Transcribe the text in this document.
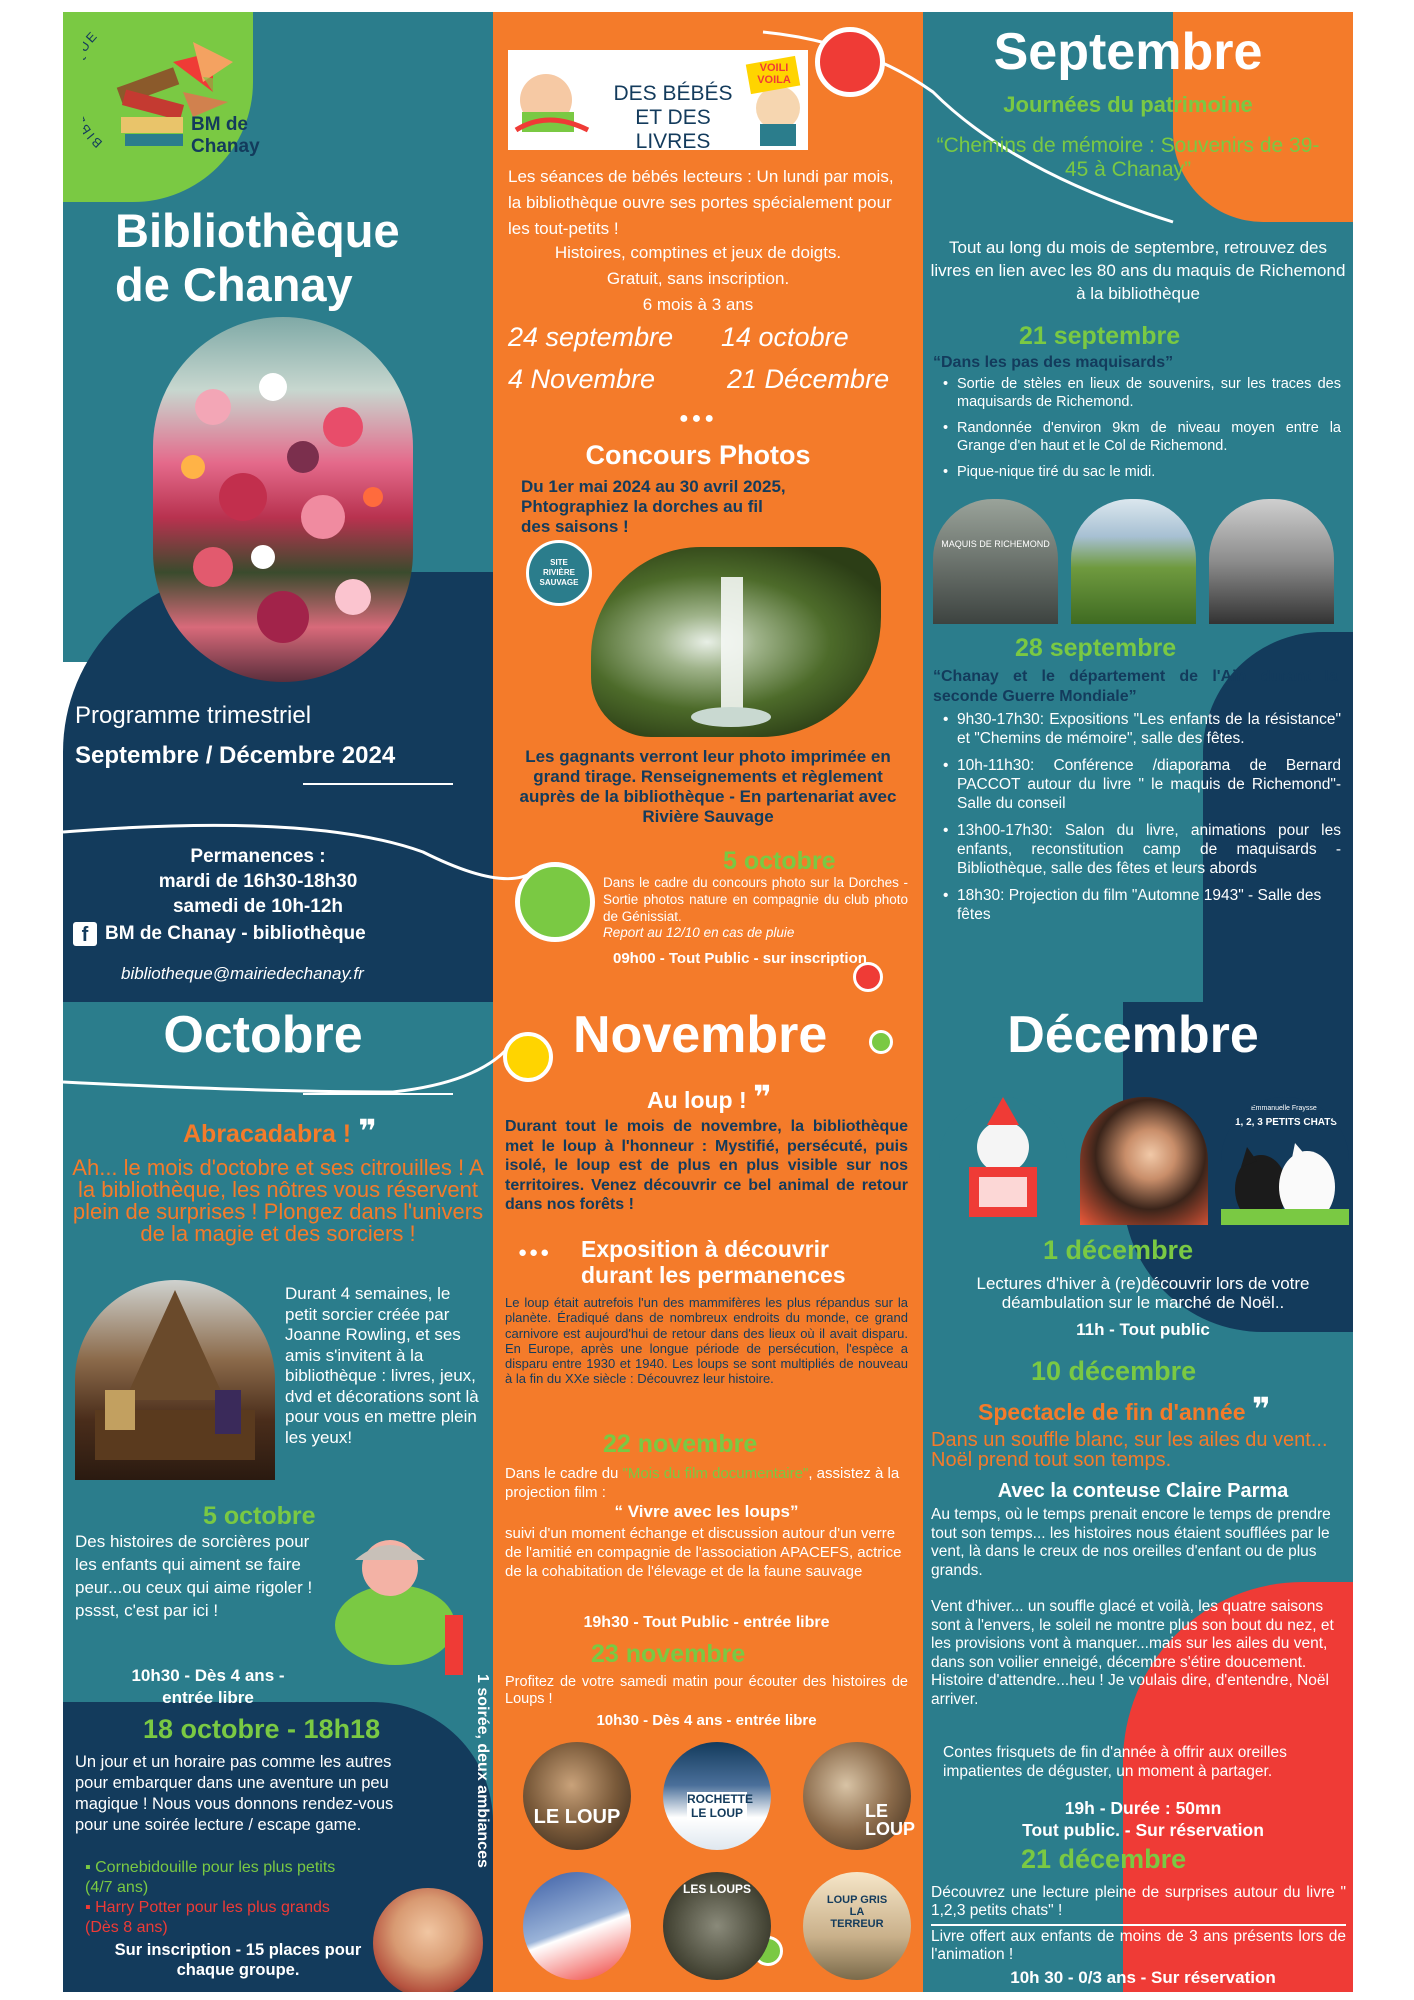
BI E
BM de Chanay
Bibliothèque
de Chanay
Programme trimestriel
Septembre / Décembre 2024
Permanences :
mardi de 16h30-18h30
samedi de 10h-12h
f BM de Chanay - bibliothèque
bibliotheque@mairiedechanay.fr
DES BÉBÉS ET DES LIVRES
VOILI VOILA
Les séances de bébés lecteurs : Un lundi par mois, la bibliothèque ouvre ses portes spécialement pour les tout-petits !
Histoires, comptines et jeux de doigts.
Gratuit, sans inscription.
6 mois à 3 ans
24 septembre 14 octobre
4 Novembre	21 Décembre
●●●
Concours Photos
Du 1er mai 2024 au 30 avril 2025, Phtographiez la dorches au fil des saisons !
SITE RIVIÈRE SAUVAGE
Les gagnants verront leur photo imprimée en grand tirage. Renseignements et règlement auprès de la bibliothèque - En partenariat avec Rivière Sauvage
5 octobre
Dans le cadre du concours photo sur la Dorches - Sortie photos nature en compagnie du club photo de Génissiat.
Report au 12/10 en cas de pluie
09h00 - Tout Public - sur inscription
Septembre
Journées du patrimoine
“Chemins de mémoire : Souvenirs de 39-45 à Chanay”
Tout au long du mois de septembre, retrouvez des livres en lien avec les 80 ans du maquis de Richemond à la bibliothèque
21 septembre
“Dans les pas des maquisards”
• Sortie de stèles en lieux de souvenirs, sur les traces des maquisards de Richemond.
• Randonnée d'environ 9km de niveau moyen entre la Grange d'en haut et le Col de Richemond.
• Pique-nique tiré du sac le midi.
MAQUIS DE RICHEMOND
28 septembre
“Chanay et le département de l'Ain durant la seconde Guerre Mondiale”
• 9h30-17h30: Expositions "Les enfants de la résistance" et "Chemins de mémoire", salle des fêtes.
• 10h-11h30: Conférence /diaporama de Bernard PACCOT autour du livre " le maquis de Richemond"- Salle du conseil
• 13h00-17h30: Salon du livre, animations pour les enfants, reconstitution camp de maquisards - Bibliothèque, salle des fêtes et leurs abords
• 18h30: Projection du film "Automne 1943" - Salle des fêtes
Octobre
Abracadabra ! ❞
Ah... le mois d'octobre et ses citrouilles ! A la bibliothèque, les nôtres vous réservent plein de surprises ! Plongez dans l'univers de la magie et des sorciers !
Durant 4 semaines, le petit sorcier créée par Joanne Rowling, et ses amis s'invitent à la bibliothèque : livres, jeux, dvd et décorations sont là pour vous en mettre plein les yeux!
5 octobre
Des histoires de sorcières pour les enfants qui aiment se faire peur...ou ceux qui aime rigoler ! pssst, c'est par ici !
10h30 - Dès 4 ans -
entrée libre
18 octobre - 18h18
Un jour et un horaire pas comme les autres pour embarquer dans une aventure un peu magique ! Nous vous donnons rendez-vous pour une soirée lecture / escape game.
▪ Cornebidouille pour les plus petits
(4/7 ans)
▪ Harry Potter pour les plus grands
(Dès 8 ans)
Sur inscription - 15 places pour chaque groupe.
1 soirée, deux ambiances
Novembre
Au loup ! ❞
Durant tout le mois de novembre, la bibliothèque met le loup à l'honneur : Mystifié, persécuté, puis isolé, le loup est de plus en plus visible sur nos territoires. Venez découvrir ce bel animal de retour dans nos forêts !
●●● Exposition à découvrir durant les permanences
Le loup était autrefois l'un des mammifères les plus répandus sur la planète. Éradiqué dans de nombreux endroits du monde, ce grand carnivore est aujourd'hui de retour dans des lieux où il avait disparu. En Europe, après une longue période de persécution, l'espèce a disparu entre 1930 et 1940. Les loups se sont multipliés de nouveau à la fin du XXe siècle : Découvrez leur histoire.
22 novembre
Dans le cadre du "Mois du film documentaire", assistez à la projection film :
“ Vivre avec les loups”
suivi d'un moment échange et discussion autour d'un verre de l'amitié en compagnie de l'association APACEFS, actrice de la cohabitation de l'élevage et de la faune sauvage
19h30 - Tout Public - entrée libre
23 novembre
Profitez de votre samedi matin pour écouter des histoires de Loups !
10h30 - Dès 4 ans - entrée libre
LE LOUP
ROCHETTE LE LOUP	LE LOUP
LES LOUPS
LOUP GRIS LA TERREUR
Décembre
Emmanuelle Fraysse
1, 2, 3 PETITS CHATS
1 décembre
Lectures d'hiver à (re)découvrir lors de votre déambulation sur le marché de Noël..
11h - Tout public
10 décembre
Spectacle de fin d'année ❞
Dans un souffle blanc, sur les ailes du vent... Noël prend tout son temps.
Avec la conteuse Claire Parma
Au temps, où le temps prenait encore le temps de prendre tout son temps... les histoires nous étaient soufflées par le vent, là dans le creux de nos oreilles d'enfant ou de plus grands.
Vent d'hiver... un souffle glacé et voilà, les quatre saisons sont à l'envers, le soleil ne montre plus son bout du nez, et les provisions vont à manquer...mais sur les ailes du vent, dans son voilier enneigé, décembre s'étire doucement. Histoire d'attendre...heu ! Je voulais dire, d'entendre, Noël arriver.
Contes frisquets de fin d'année à offrir aux oreilles impatientes de déguster, un moment à partager.
19h - Durée : 50mn
Tout public. - Sur réservation
21 décembre
Découvrez une lecture pleine de surprises autour du livre " 1,2,3 petits chats" !
Livre offert aux enfants de moins de 3 ans présents lors de l'animation !
10h 30 - 0/3 ans - Sur réservation
